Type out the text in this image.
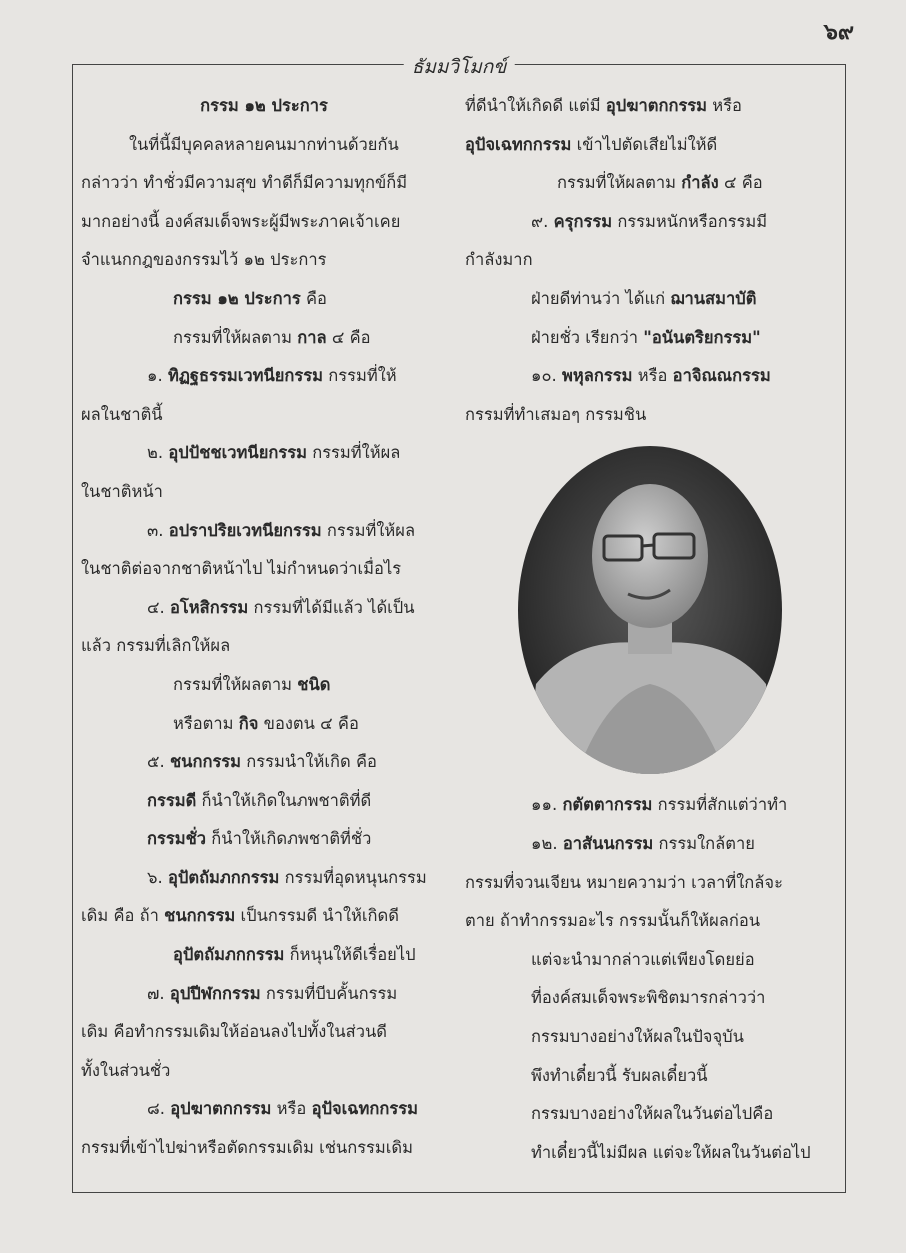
๖๙
ธัมมวิโมกข์
กรรม ๑๒ ประการ
ในที่นี้มีบุคคลหลายคนมากท่านด้วยกัน
กล่าวว่า ทำชั่วมีความสุข ทำดีก็มีความทุกข์ก็มี
มากอย่างนี้ องค์สมเด็จพระผู้มีพระภาคเจ้าเคย
จำแนกกฎของกรรมไว้ ๑๒ ประการ
กรรม ๑๒ ประการ คือ
กรรมที่ให้ผลตาม กาล ๔ คือ
๑. ทิฏฐธรรมเวทนียกรรม กรรมที่ให้
ผลในชาตินี้
๒. อุปปัชชเวทนียกรรม กรรมที่ให้ผล
ในชาติหน้า
๓. อปราปริยเวทนียกรรม กรรมที่ให้ผล
ในชาติต่อจากชาติหน้าไป ไม่กำหนดว่าเมื่อไร
๔. อโหสิกรรม กรรมที่ได้มีแล้ว ได้เป็น
แล้ว กรรมที่เลิกให้ผล
กรรมที่ให้ผลตาม ชนิด
หรือตาม กิจ ของตน ๔ คือ
๕. ชนกกรรม กรรมนำให้เกิด คือ
กรรมดี ก็นำให้เกิดในภพชาติที่ดี
กรรมชั่ว ก็นำให้เกิดภพชาติที่ชั่ว
๖. อุปัตถัมภกกรรม กรรมที่อุดหนุนกรรม
เดิม คือ ถ้า ชนกกรรม เป็นกรรมดี นำให้เกิดดี
อุปัตถัมภกกรรม ก็หนุนให้ดีเรื่อยไป
๗. อุปปีฬกกรรม กรรมที่บีบคั้นกรรม
เดิม คือทำกรรมเดิมให้อ่อนลงไปทั้งในส่วนดี
ทั้งในส่วนชั่ว
๘. อุปฆาตกกรรม หรือ อุปัจเฉทกกรรม
กรรมที่เข้าไปฆ่าหรือตัดกรรมเดิม เช่นกรรมเดิม
ที่ดีนำให้เกิดดี แต่มี อุปฆาตกกรรม หรือ
อุปัจเฉทกกรรม เข้าไปตัดเสียไม่ให้ดี
กรรมที่ให้ผลตาม กำลัง ๔ คือ
๙. ครุกรรม กรรมหนักหรือกรรมมี
กำลังมาก
ฝ่ายดีท่านว่า ได้แก่ ฌานสมาบัติ
ฝ่ายชั่ว เรียกว่า "อนันตริยกรรม"
๑๐. พหุลกรรม หรือ อาจิณณกรรม
กรรมที่ทำเสมอๆ กรรมชิน
๑๑. กตัตตากรรม กรรมที่สักแต่ว่าทำ
๑๒. อาสันนกรรม กรรมใกล้ตาย
กรรมที่จวนเจียน หมายความว่า เวลาที่ใกล้จะ
ตาย ถ้าทำกรรมอะไร กรรมนั้นก็ให้ผลก่อน
แต่จะนำมากล่าวแต่เพียงโดยย่อ
ที่องค์สมเด็จพระพิชิตมารกล่าวว่า
กรรมบางอย่างให้ผลในปัจจุบัน
พึงทำเดี๋ยวนี้ รับผลเดี๋ยวนี้
กรรมบางอย่างให้ผลในวันต่อไปคือ
ทำเดี๋ยวนี้ไม่มีผล แต่จะให้ผลในวันต่อไป
